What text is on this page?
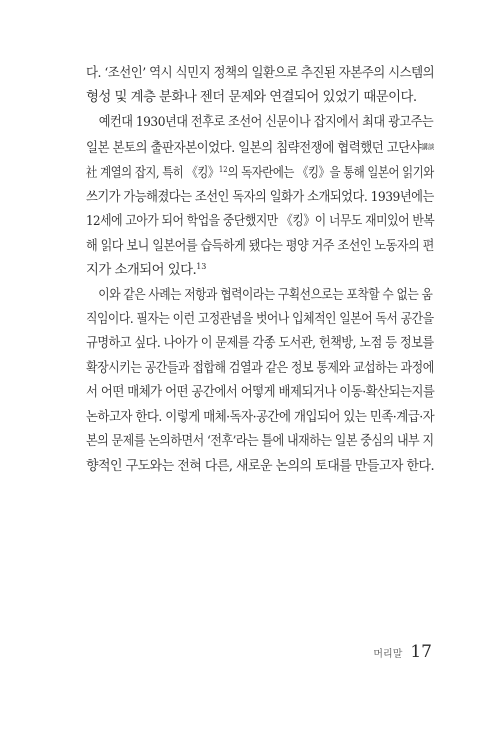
다. ‘조선인’ 역시 식민지 정책의 일환으로 추진된 자본주의 시스템의
형성 및 계층 분화나 젠더 문제와 연결되어 있었기 때문이다.

예컨대 1930년대 전후로 조선어 신문이나 잡지에서 최대 광고주는
일본 본토의 출판자본이었다. 일본의 침략전쟁에 협력했던 고단샤$^{講談}$
社 계열의 잡지, 특히 《킹》$^{12}$의 독자란에는 《킹》을 통해 일본어 읽기와
쓰기가 가능해졌다는 조선인 독자의 일화가 소개되었다. 1939년에는
12세에 고아가 되어 학업을 중단했지만 《킹》이 너무도 재미있어 반복
해 읽다 보니 일본어를 습득하게 됐다는 평양 거주 조선인 노동자의 편
지가 소개되어 있다.$^{13}$

이와 같은 사례는 저항과 협력이라는 구획선으로는 포착할 수 없는 움
직임이다. 필자는 이런 고정관념을 벗어나 입체적인 일본어 독서 공간을
규명하고 싶다. 나아가 이 문제를 각종 도서관, 헌책방, 노점 등 정보를
확장시키는 공간들과 접합해 검열과 같은 정보 통제와 교섭하는 과정에
서 어떤 매체가 어떤 공간에서 어떻게 배제되거나 이동·확산되는지를
논하고자 한다. 이렇게 매체·독자·공간에 개입되어 있는 민족·계급·자
본의 문제를 논의하면서 ‘전후’라는 틀에 내재하는 일본 중심의 내부 지
향적인 구도와는 전혀 다른, 새로운 논의의 토대를 만들고자 한다.

머리말 17
